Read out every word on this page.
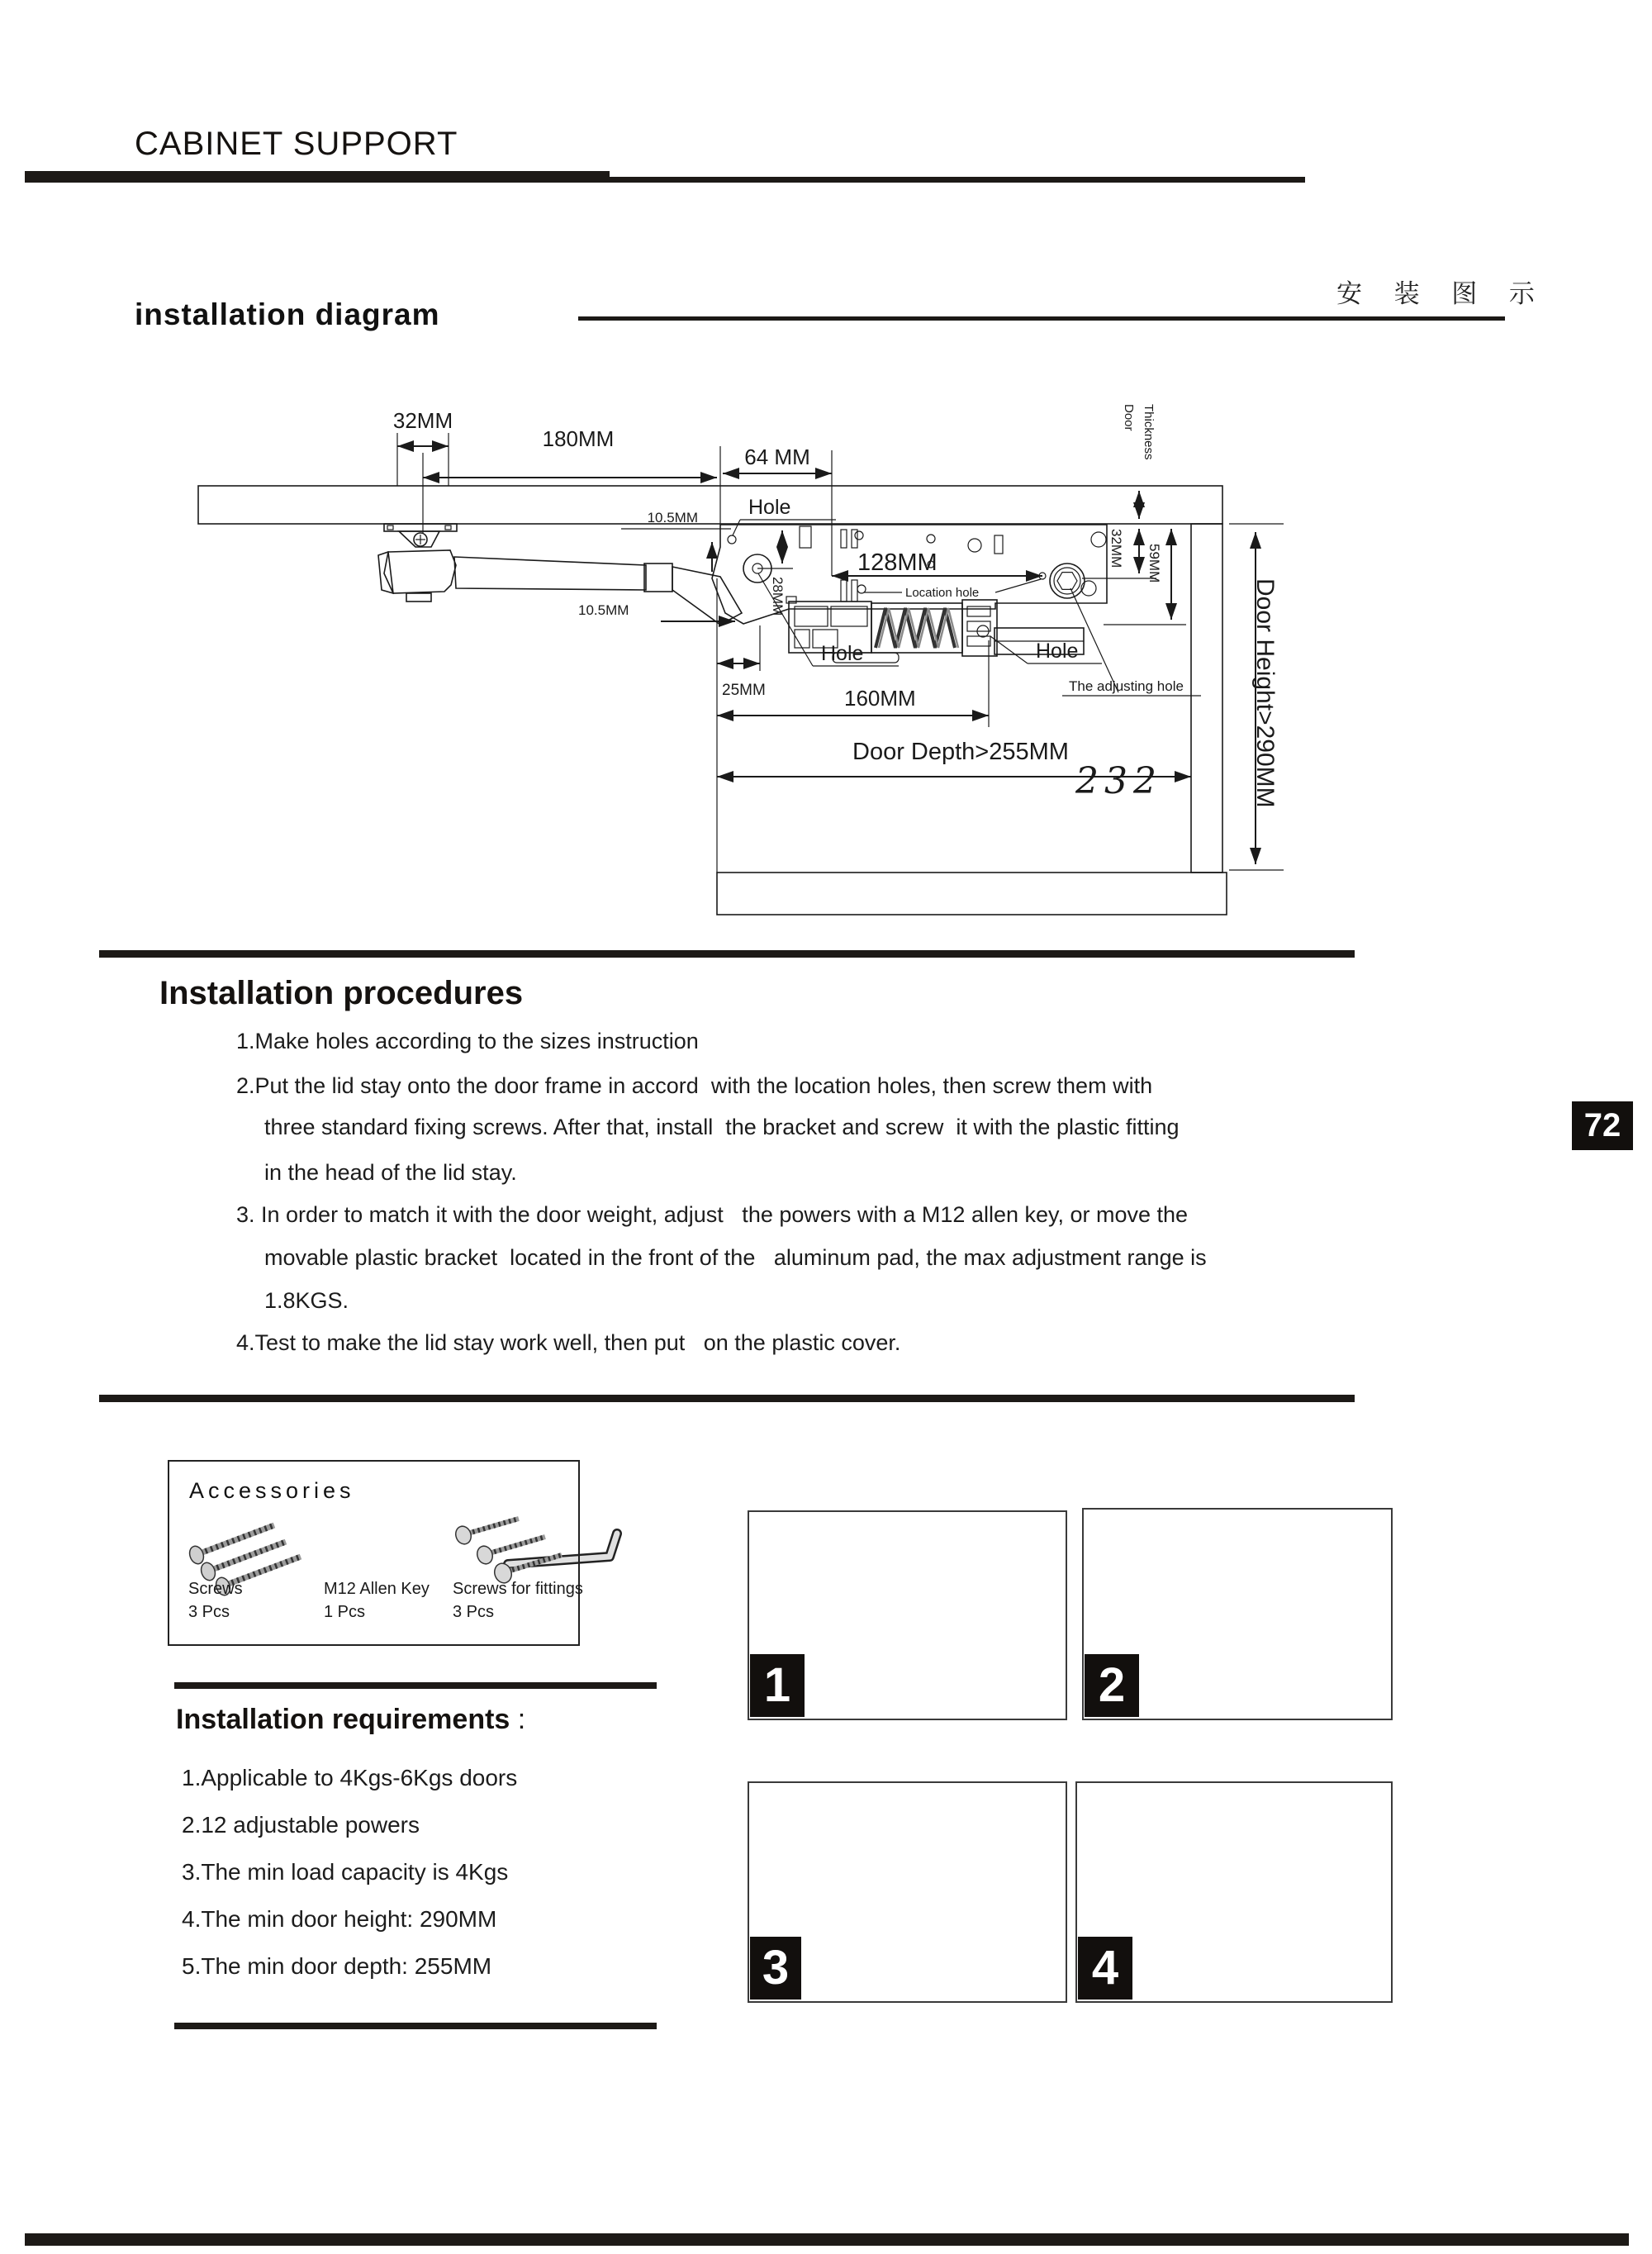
CABINET SUPPORT
installation diagram
安 装 图 示
32MM
180MM
64 MM
10.5MM Hole
28MM
128MM
Location hole
10.5MM
25MM
Hole
160MM
Hole
The adjusting hole
Door Depth>255MM
232
Door Thickness
32MM 59MM
Door Height>290MM
Installation procedures
1.Make holes according to the sizes instruction
2.Put the lid stay onto the door frame in accord  with the location holes, then screw them with
three standard fixing screws. After that, install  the bracket and screw  it with the plastic fitting
in the head of the lid stay.
3. In order to match it with the door weight, adjust   the powers with a M12 allen key, or move the
movable plastic bracket  located in the front of the   aluminum pad, the max adjustment range is
1.8KGS.
4.Test to make the lid stay work well, then put   on the plastic cover.
72
Accessories
Screws
3 Pcs
M12 Allen Key
1 Pcs
Screws for fittings
3 Pcs
Installation requirements :
1.Applicable to 4Kgs-6Kgs doors
2.12 adjustable powers
3.The min load capacity is 4Kgs
4.The min door height: 290MM
5.The min door depth: 255MM
1	2
3	4
